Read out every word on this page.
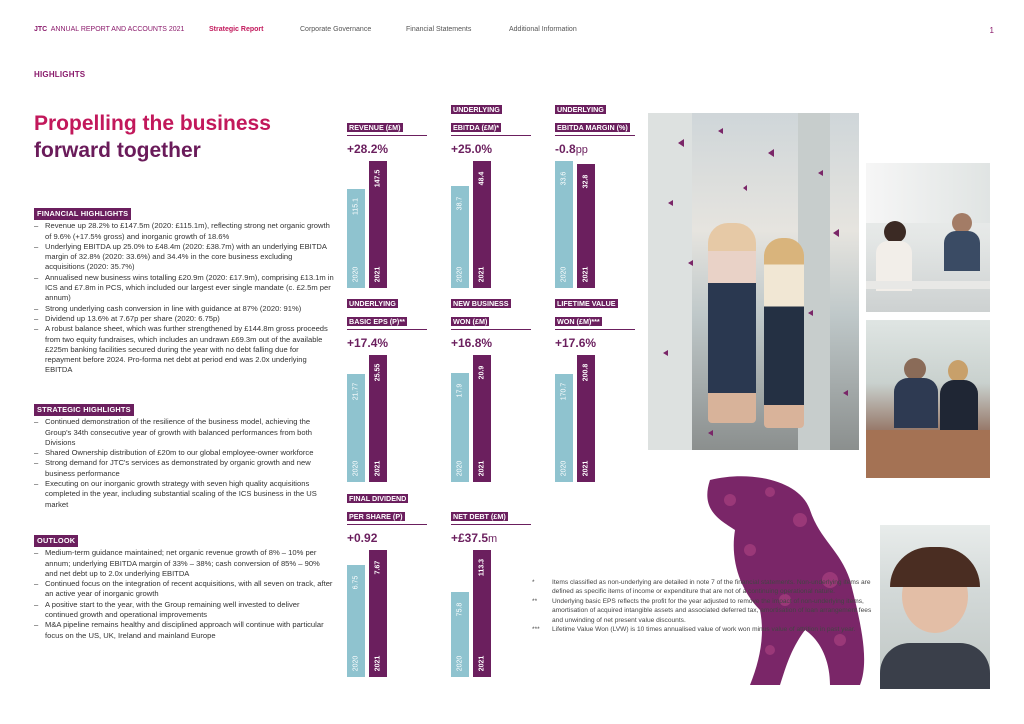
JTC ANNUAL REPORT AND ACCOUNTS 2021	Strategic Report	Corporate Governance	Financial Statements	Additional Information	1
HIGHLIGHTS
Propelling the business
forward together
FINANCIAL HIGHLIGHTS
– Revenue up 28.2% to £147.5m (2020: £115.1m), reflecting strong net organic growth of 9.6% (+17.5% gross) and inorganic growth of 18.6%
– Underlying EBITDA up 25.0% to £48.4m (2020: £38.7m) with an underlying EBITDA margin of 32.8% (2020: 33.6%) and 34.4% in the core business excluding acquisitions (2020: 35.7%)
– Annualised new business wins totalling £20.9m (2020: £17.9m), comprising £13.1m in ICS and £7.8m in PCS, which included our largest ever single mandate (c. £2.5m per annum)
– Strong underlying cash conversion in line with guidance at 87% (2020: 91%)
– Dividend up 13.6% at 7.67p per share (2020: 6.75p)
– A robust balance sheet, which was further strengthened by £144.8m gross proceeds from two equity fundraises, which includes an undrawn £69.3m out of the available £225m banking facilities secured during the year with no debt falling due for repayment before 2024. Pro-forma net debt at period end was 2.0x underlying EBITDA
STRATEGIC HIGHLIGHTS
– Continued demonstration of the resilience of the business model, achieving the Group's 34th consecutive year of growth with balanced performances from both Divisions
– Shared Ownership distribution of £20m to our global employee-owner workforce
– Strong demand for JTC's services as demonstrated by organic growth and new business performance
– Executing on our inorganic growth strategy with seven high quality acquisitions completed in the year, including substantial scaling of the ICS business in the US market
OUTLOOK
– Medium-term guidance maintained; net organic revenue growth of 8% – 10% per annum; underlying EBITDA margin of 33% – 38%; cash conversion of 85% – 90% and net debt up to 2.0x underlying EBITDA
– Continued focus on the integration of recent acquisitions, with all seven on track, after an active year of inorganic growth
– A positive start to the year, with the Group remaining well invested to deliver continued growth and operational improvements
– M&A pipeline remains healthy and disciplined approach will continue with particular focus on the US, UK, Ireland and mainland Europe
REVENUE (£M)
+28.2%
115.1
2020
147.5
2021
UNDERLYING
EBITDA (£M)*
+25.0%
38.7
2020
48.4
2021
UNDERLYING
EBITDA MARGIN (%)
-0.8pp
33.6
2020
32.8
2021
UNDERLYING
BASIC EPS (P)**
+17.4%
21.77
2020
25.55
2021
NEW BUSINESS
WON (£M)
+16.8%
17.9
2020
20.9
2021
LIFETIME VALUE
WON (£M)***
+17.6%
170.7
2020
200.8
2021
FINAL DIVIDEND
PER SHARE (P)
+0.92
6.75
2020
7.67
2021
NET DEBT (£M)
+£37.5m
75.8
2020
113.3
2021
*	Items classified as non-underlying are detailed in note 7 of the financial statements. Non-underlying items are defined as specific items of income or expenditure that are not of a continuing operational nature.
** Underlying basic EPS reflects the profit for the year adjusted to remove the impact of non-underlying items, amortisation of acquired intangible assets and associated deferred tax, amortisation of loan arrangement fees and unwinding of net present value discounts.
*** Lifetime Value Won (LVW) is 10 times annualised value of work won minus value of attrition in past year.
